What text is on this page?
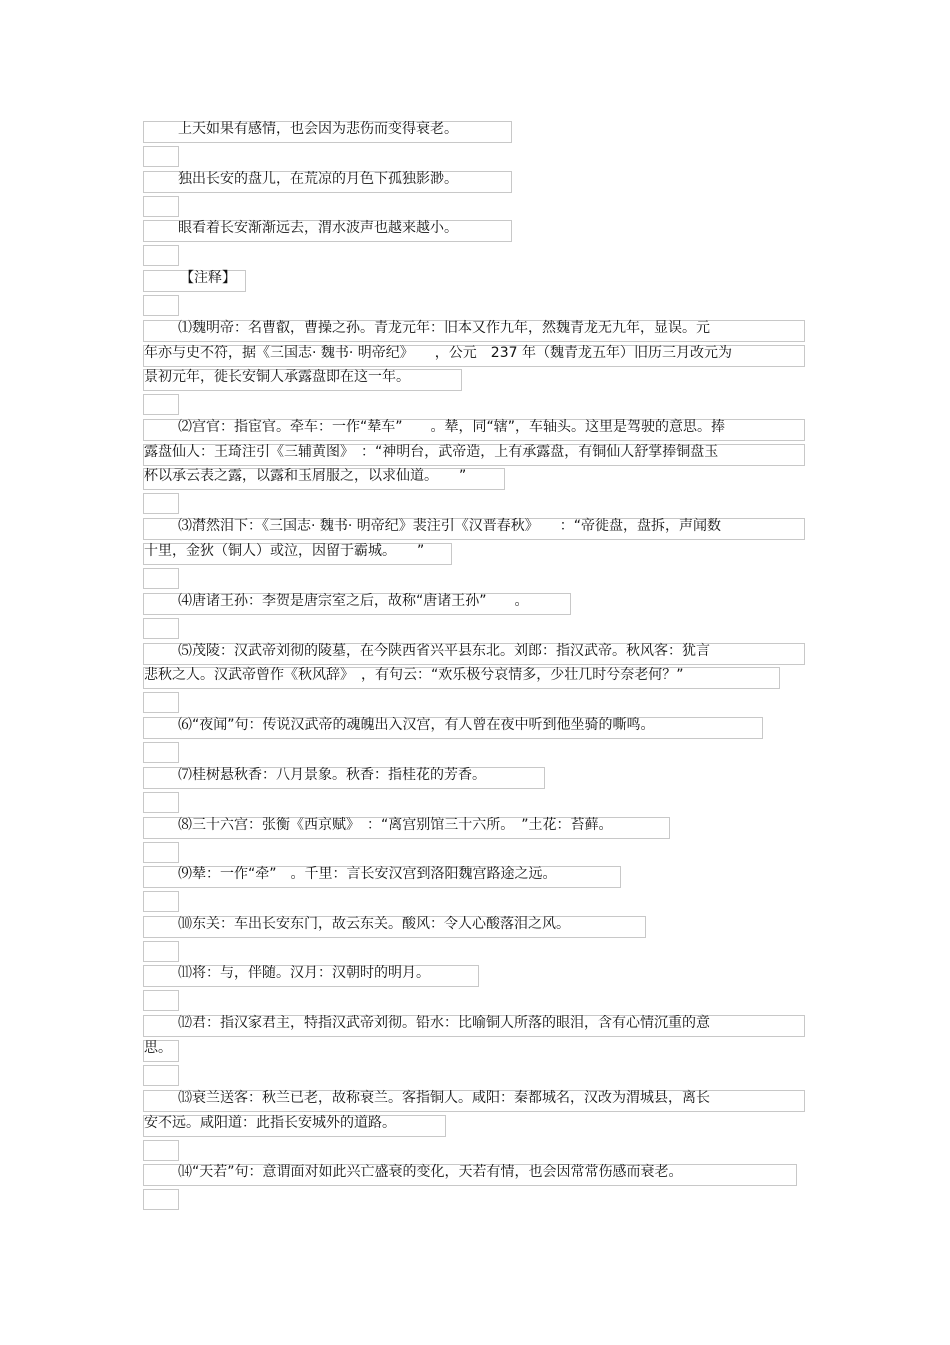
上天如果有感情，也会因为悲伤而变得衰老。
独出长安的盘儿，在荒凉的月色下孤独影渺。
眼看着长安渐渐远去，渭水波声也越来越小。
【注释】
⑴魏明帝：名曹叡，曹操之孙。青龙元年：旧本又作九年，然魏青龙无九年，显误。元
年亦与史不符，据《三国志· 魏书· 明帝纪》　　，公元　237 年（魏青龙五年）旧历三月改元为
景初元年，徙长安铜人承露盘即在这一年。
⑵宫官：指宦官。牵车：一作“辇车”　　。辇，同“辖”，车轴头。这里是驾驶的意思。捧
露盘仙人：王琦注引《三辅黄图》　：“神明台，武帝造，上有承露盘，有铜仙人舒掌捧铜盘玉
杯以承云表之露，以露和玉屑服之，以求仙道。　　”
⑶潸然泪下：《三国志· 魏书· 明帝纪》裴注引《汉晋春秋》　　：“帝徙盘，盘拆，声闻数
十里，金狄（铜人）或泣，因留于霸城。　　”
⑷唐诸王孙：李贺是唐宗室之后，故称“唐诸王孙”　　。
⑸茂陵：汉武帝刘彻的陵墓，在今陕西省兴平县东北。刘郎：指汉武帝。秋风客：犹言
悲秋之人。汉武帝曾作《秋风辞》　，有句云：“欢乐极兮哀情多，少壮几时兮奈老何？”
⑹“夜闻”句：传说汉武帝的魂魄出入汉宫，有人曾在夜中听到他坐骑的嘶鸣。
⑺桂树悬秋香：八月景象。秋香：指桂花的芳香。
⑻三十六宫：张衡《西京赋》　：“离宫别馆三十六所。　”土花：苔藓。
⑼辇：一作“牵”　。千里：言长安汉宫到洛阳魏宫路途之远。
⑽东关：车出长安东门，故云东关。酸风：令人心酸落泪之风。
⑾将：与，伴随。汉月：汉朝时的明月。
⑿君：指汉家君主，特指汉武帝刘彻。铅水：比喻铜人所落的眼泪，含有心情沉重的意
思。
⒀衰兰送客：秋兰已老，故称衰兰。客指铜人。咸阳：秦都城名，汉改为渭城县，离长
安不远。咸阳道：此指长安城外的道路。
⒁“天若”句：意谓面对如此兴亡盛衰的变化，天若有情，也会因常常伤感而衰老。
